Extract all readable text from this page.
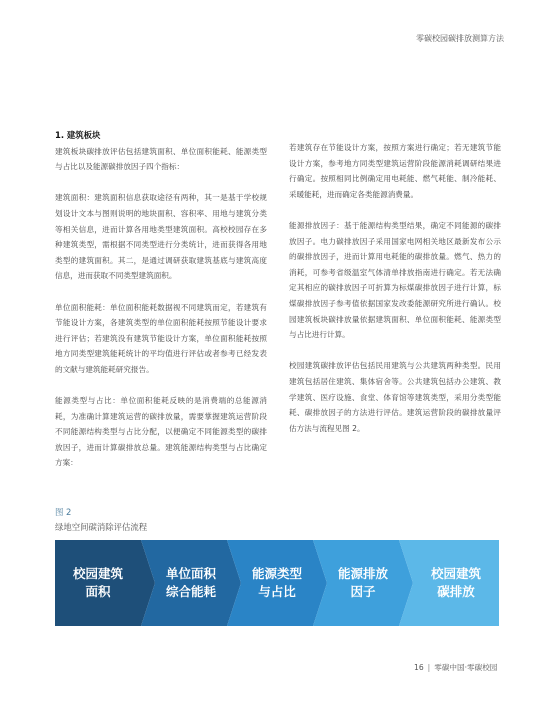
零碳校园碳排放测算方法

1. 建筑板块

建筑板块碳排放评估包括建筑面积、单位面积能耗、能源类型与占比以及能源碳排放因子四个指标：

建筑面积：建筑面积信息获取途径有两种，其一是基于学校规划设计文本与图则说明的地块面积、容积率、用地与建筑分类等相关信息，进而计算各用地类型建筑面积。高校校园存在多种建筑类型，需根据不同类型进行分类统计，进而获得各用地类型的建筑面积。其二，是通过调研获取建筑基底与建筑高度信息，进而获取不同类型建筑面积。

单位面积能耗：单位面积能耗数据视不同建筑而定，若建筑有节能设计方案，各建筑类型的单位面积能耗按照节能设计要求进行评估；若建筑没有建筑节能设计方案，单位面积能耗按照地方同类型建筑能耗统计的平均值进行评估或者参考已经发表的文献与建筑能耗研究报告。

能源类型与占比：单位面积能耗反映的是消费端的总能源消耗，为准确计算建筑运营的碳排放量，需要掌握建筑运营阶段不同能源结构类型与占比分配，以便确定不同能源类型的碳排放因子，进而计算碳排放总量。建筑能源结构类型与占比确定方案：

若建筑存在节能设计方案，按照方案进行确定；若无建筑节能设计方案，参考地方同类型建筑运营阶段能源消耗调研结果进行确定。按照相同比例确定用电耗能、燃气耗能、制冷能耗、采暖能耗，进而确定各类能源消费量。

能源排放因子：基于能源结构类型结果，确定不同能源的碳排放因子。电力碳排放因子采用国家电网相关地区最新发布公示的碳排放因子，进而计算用电耗能的碳排放量。燃气、热力的消耗，可参考省级温室气体清单排放指南进行确定。若无法确定其相应的碳排放因子可折算为标煤碳排放因子进行计算，标煤碳排放因子参考值依据国家发改委能源研究所进行确认。校园建筑板块碳排放量依据建筑面积、单位面积能耗、能源类型与占比进行计算。

校园建筑碳排放评估包括民用建筑与公共建筑两种类型。民用建筑包括居住建筑、集体宿舍等。公共建筑包括办公建筑、教学建筑、医疗设施、食堂、体育馆等建筑类型，采用分类型能耗、碳排放因子的方法进行评估。建筑运营阶段的碳排放量评估方法与流程见图 2。

图 2
绿地空间碳消除评估流程
校园建筑
面积
单位面积
综合能耗
能源类型
与占比
能源排放
因子
校园建筑
碳排放
16 | 零碳中国·零碳校园
